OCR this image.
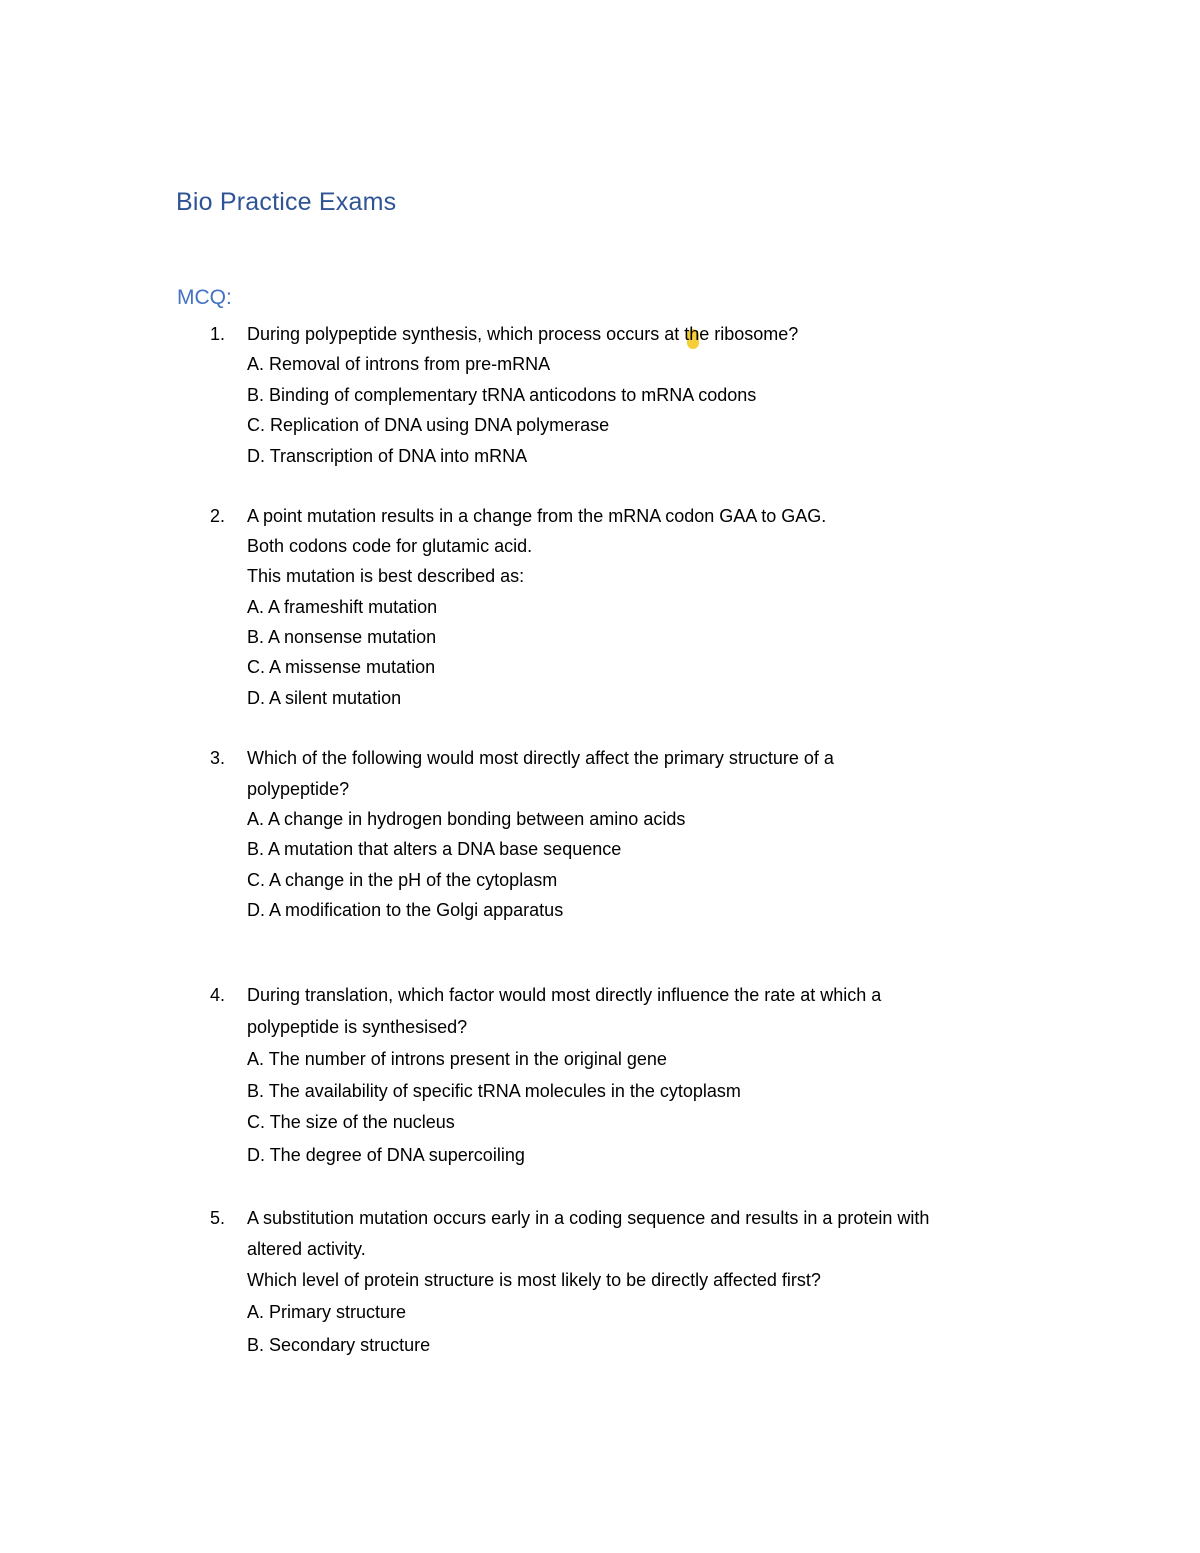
Bio Practice Exams
MCQ:
1. During polypeptide synthesis, which process occurs at the ribosome?
A. Removal of introns from pre-mRNA
B. Binding of complementary tRNA anticodons to mRNA codons
C. Replication of DNA using DNA polymerase
D. Transcription of DNA into mRNA
2. A point mutation results in a change from the mRNA codon GAA to GAG.
Both codons code for glutamic acid.
This mutation is best described as:
A. A frameshift mutation
B. A nonsense mutation
C. A missense mutation
D. A silent mutation
3. Which of the following would most directly affect the primary structure of a
polypeptide?
A. A change in hydrogen bonding between amino acids
B. A mutation that alters a DNA base sequence
C. A change in the pH of the cytoplasm
D. A modification to the Golgi apparatus
4. During translation, which factor would most directly influence the rate at which a
polypeptide is synthesised?
A. The number of introns present in the original gene
B. The availability of specific tRNA molecules in the cytoplasm
C. The size of the nucleus
D. The degree of DNA supercoiling
5. A substitution mutation occurs early in a coding sequence and results in a protein with
altered activity.
Which level of protein structure is most likely to be directly affected first?
A. Primary structure
B. Secondary structure
